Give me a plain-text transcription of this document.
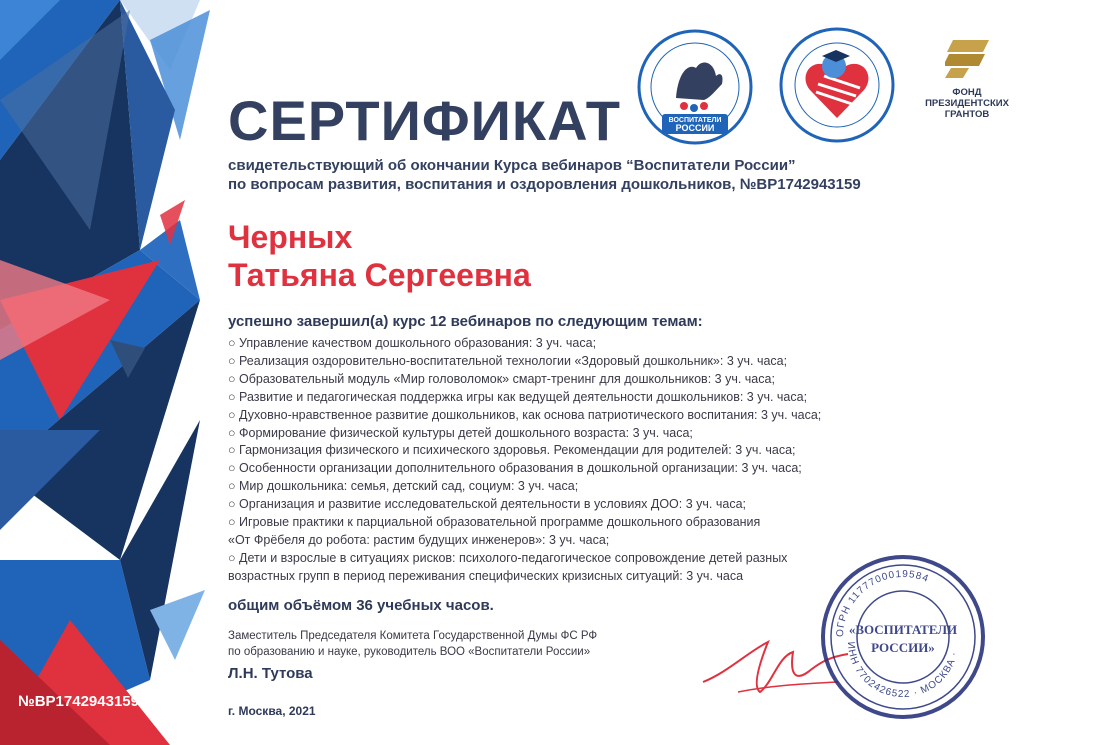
№ВР1742943159
ВОСПИТАТЕЛИ
РОССИИ
ФОНД
ПРЕЗИДЕНТСКИХ
ГРАНТОВ
СЕРТИФИКАТ
свидетельствующий об окончании Курса вебинаров “Воспитатели России”
по вопросам развития, воспитания и оздоровления дошкольников, №ВР1742943159
Черных
Татьяна Сергеевна
успешно завершил(а) курс 12 вебинаров по следующим темам:
○ Управление качеством дошкольного образования: 3 уч. часа;
○ Реализация оздоровительно-воспитательной технологии «Здоровый дошкольник»: 3 уч. часа;
○ Образовательный модуль «Мир головоломок» смарт-тренинг для дошкольников: 3 уч. часа;
○ Развитие и педагогическая поддержка игры как ведущей деятельности дошкольников: 3 уч. часа;
○ Духовно-нравственное развитие дошкольников, как основа патриотического воспитания: 3 уч. часа;
○ Формирование физической культуры детей дошкольного возраста: 3 уч. часа;
○ Гармонизация физического и психического здоровья. Рекомендации для родителей: 3 уч. часа;
○ Особенности организации дополнительного образования в дошкольной организации: 3 уч. часа;
○ Мир дошкольника: семья, детский сад, социум: 3 уч. часа;
○ Организация и развитие исследовательской деятельности в условиях ДОО: 3 уч. часа;
○ Игровые практики к парциальной образовательной программе дошкольного образования
«От Фрёбеля до робота: растим будущих инженеров»: 3 уч. часа;
○ Дети и взрослые в ситуациях рисков: психолого-педагогическое сопровождение детей разных
возрастных групп в период переживания специфических кризисных ситуаций: 3 уч. часа
общим объёмом 36 учебных часов.
Заместитель Председателя Комитета Государственной Думы ФС РФ
по образованию и науке, руководитель ВОО «Воспитатели России»
Л.Н. Тутова
г. Москва, 2021
ОГРН 1177700019584
ИНН 7702426522 · МОСКВА ·
«ВОСПИТАТЕЛИ
РОССИИ»
